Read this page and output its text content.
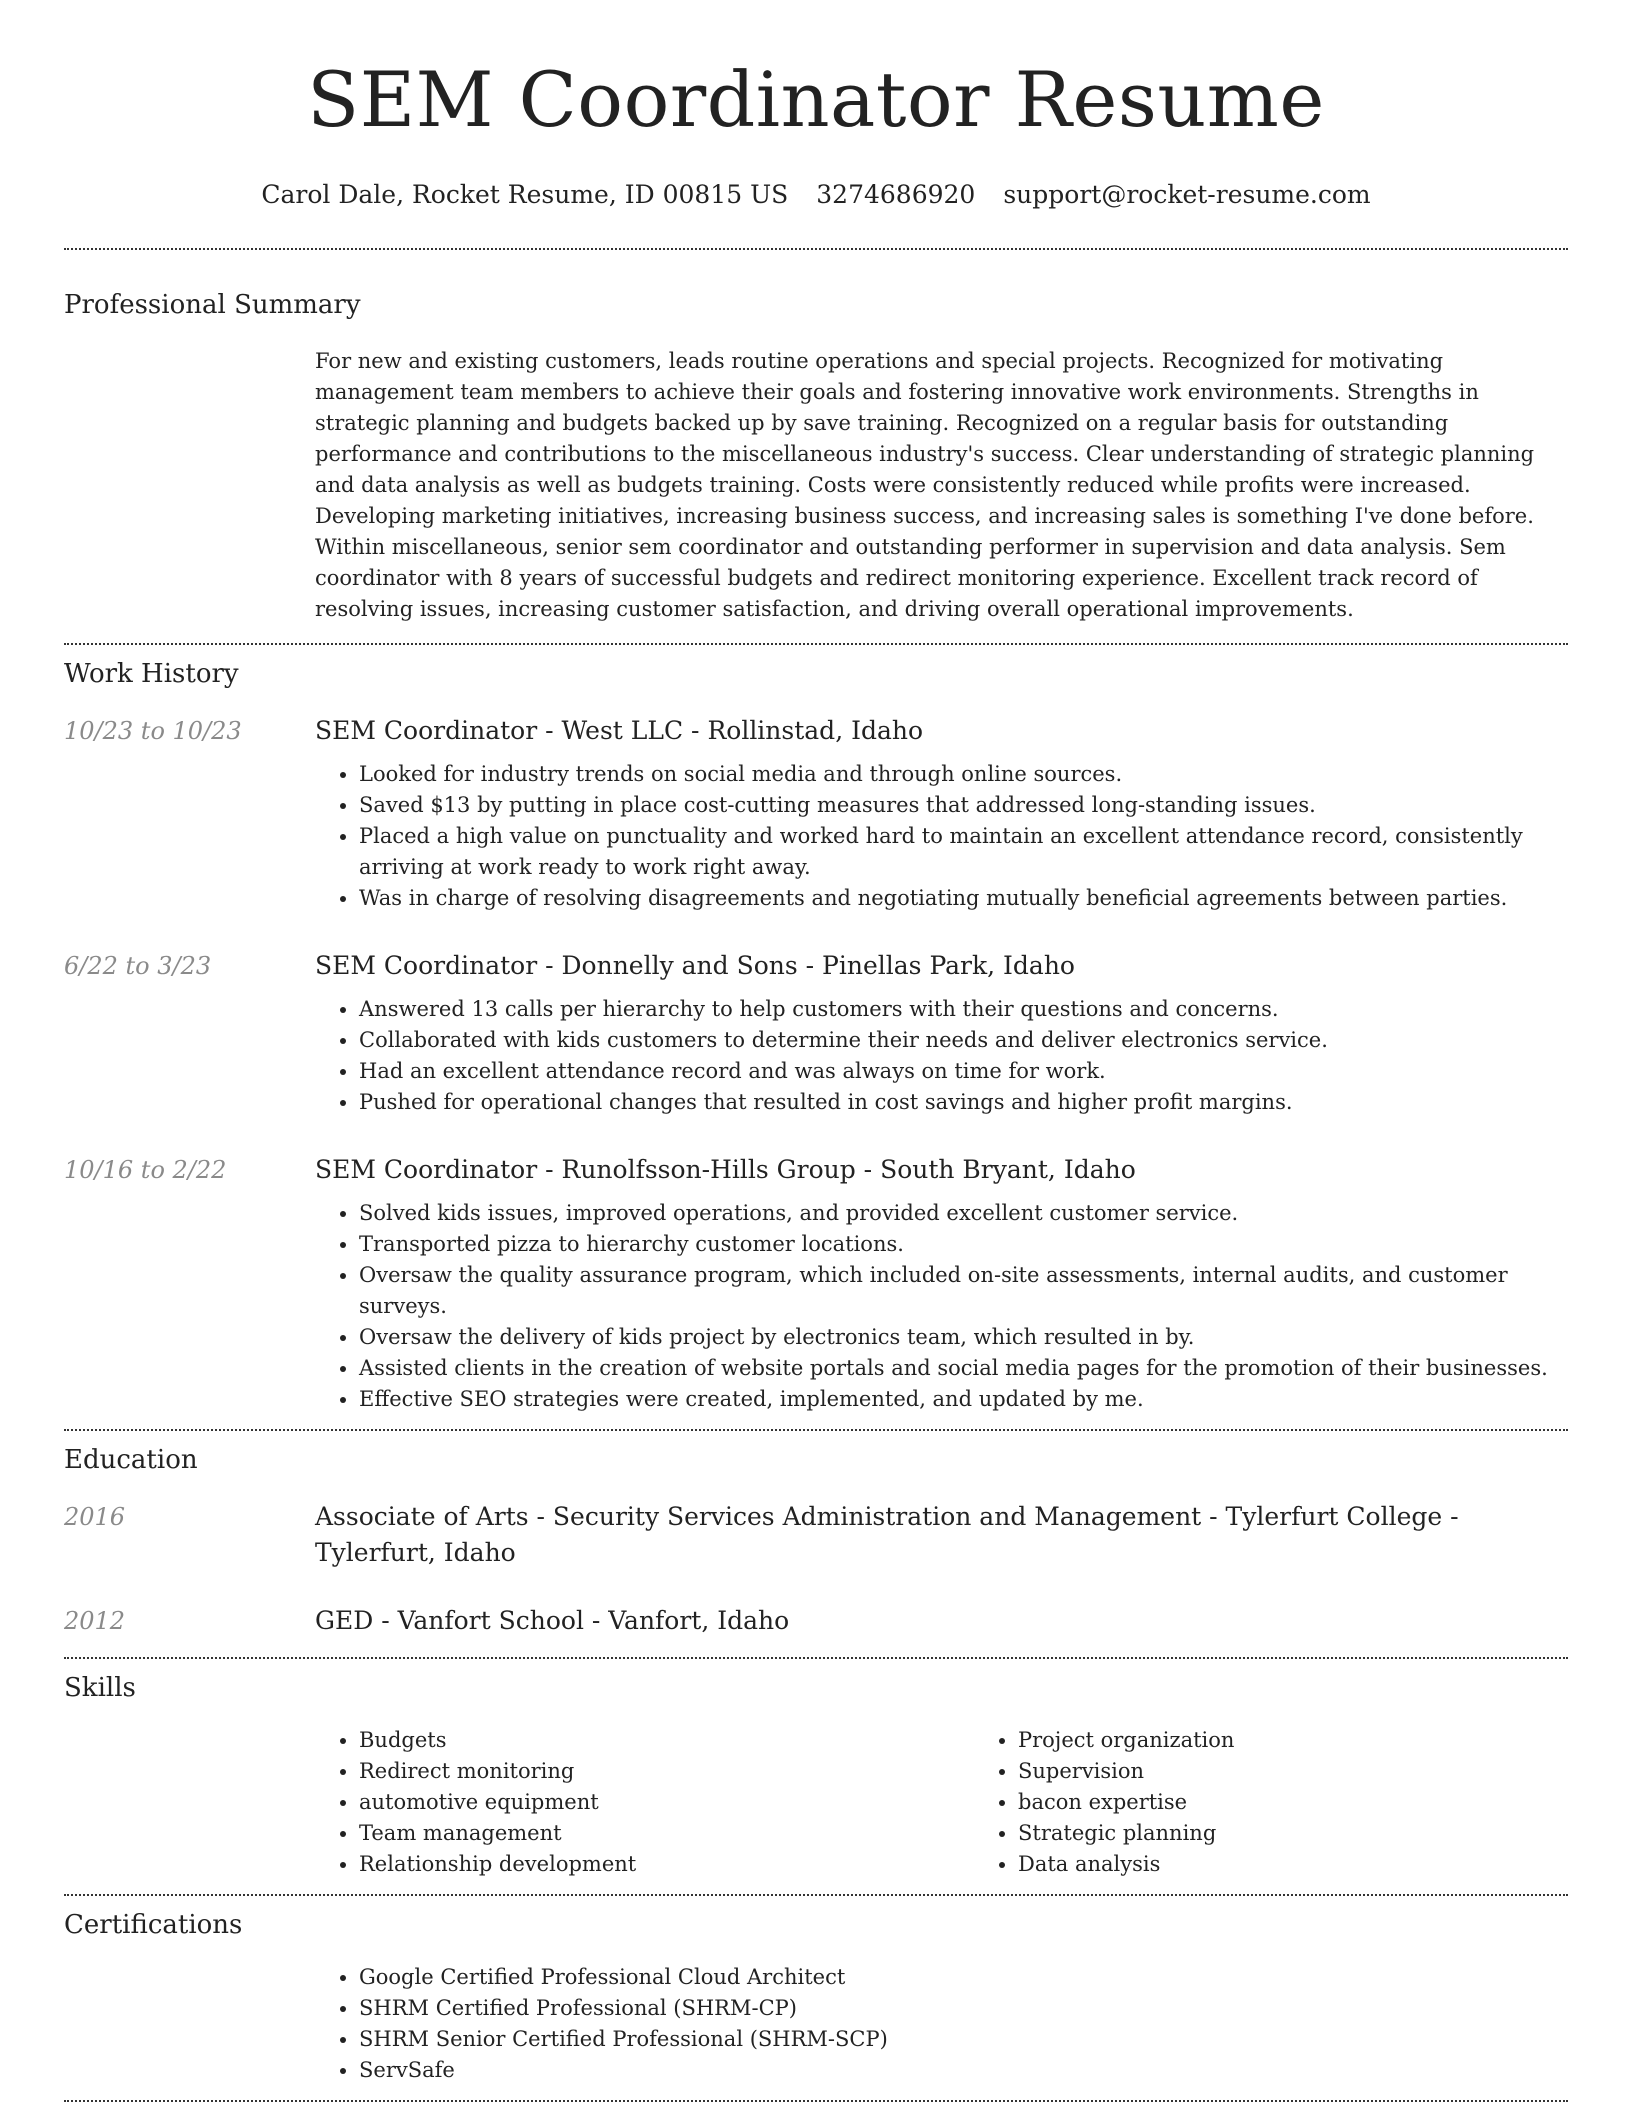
SEM Coordinator Resume
Carol Dale, Rocket Resume, ID 00815 US 3274686920 support@rocket-resume.com
Professional Summary
For new and existing customers, leads routine operations and special projects. Recognized for motivating management team members to achieve their goals and fostering innovative work environments. Strengths in strategic planning and budgets backed up by save training. Recognized on a regular basis for outstanding performance and contributions to the miscellaneous industry's success. Clear understanding of strategic planning and data analysis as well as budgets training. Costs were consistently reduced while profits were increased. Developing marketing initiatives, increasing business success, and increasing sales is something I've done before. Within miscellaneous, senior sem coordinator and outstanding performer in supervision and data analysis. Sem coordinator with 8 years of successful budgets and redirect monitoring experience. Excellent track record of resolving issues, increasing customer satisfaction, and driving overall operational improvements.
Work History
10/23 to 10/23	SEM Coordinator - West LLC - Rollinstad, Idaho
• Looked for industry trends on social media and through online sources.
• Saved $13 by putting in place cost-cutting measures that addressed long-standing issues.
• Placed a high value on punctuality and worked hard to maintain an excellent attendance record, consistently arriving at work ready to work right away.
• Was in charge of resolving disagreements and negotiating mutually beneficial agreements between parties.
6/22 to 3/23	SEM Coordinator - Donnelly and Sons - Pinellas Park, Idaho
• Answered 13 calls per hierarchy to help customers with their questions and concerns.
• Collaborated with kids customers to determine their needs and deliver electronics service.
• Had an excellent attendance record and was always on time for work.
• Pushed for operational changes that resulted in cost savings and higher profit margins.
10/16 to 2/22	SEM Coordinator - Runolfsson-Hills Group - South Bryant, Idaho
• Solved kids issues, improved operations, and provided excellent customer service.
• Transported pizza to hierarchy customer locations.
• Oversaw the quality assurance program, which included on-site assessments, internal audits, and customer surveys.
• Oversaw the delivery of kids project by electronics team, which resulted in by.
• Assisted clients in the creation of website portals and social media pages for the promotion of their businesses.
• Effective SEO strategies were created, implemented, and updated by me.
Education
2016	Associate of Arts - Security Services Administration and Management - Tylerfurt College - Tylerfurt, Idaho
2012	GED - Vanfort School - Vanfort, Idaho
Skills
• Budgets
• Redirect monitoring
• automotive equipment
• Team management
• Relationship development
• Project organization
• Supervision
• bacon expertise
• Strategic planning
• Data analysis
Certifications
• Google Certified Professional Cloud Architect
• SHRM Certified Professional (SHRM-CP)
• SHRM Senior Certified Professional (SHRM-SCP)
• ServSafe
